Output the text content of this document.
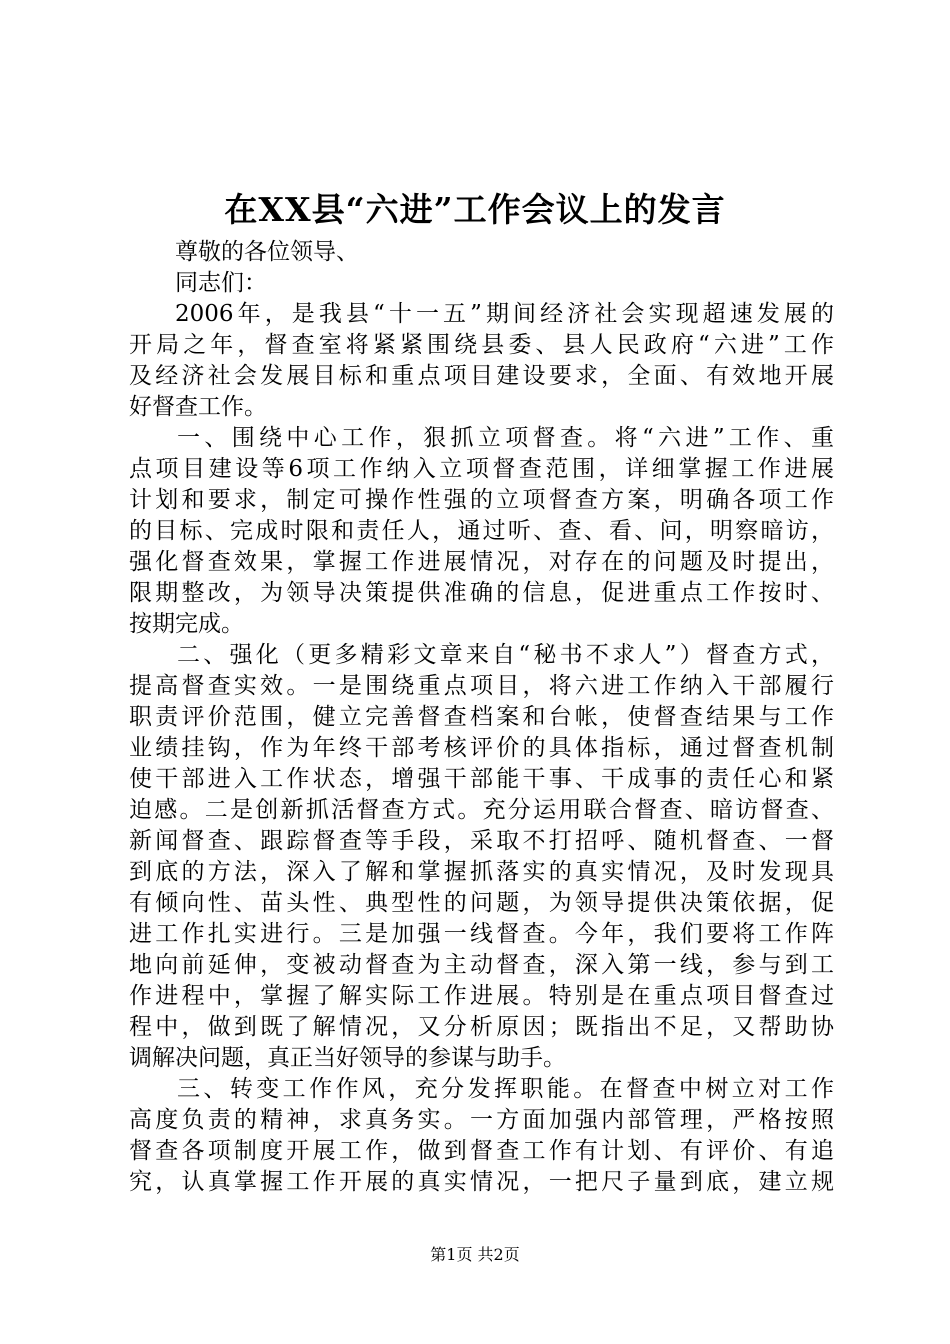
在XX县“六进”工作会议上的发言
尊敬的各位领导、
同志们：
2006年，是我县“十一五”期间经济社会实现超速发展的
开局之年，督查室将紧紧围绕县委、县人民政府“六进”工作
及经济社会发展目标和重点项目建设要求，全面、有效地开展
好督查工作。
一、围绕中心工作，狠抓立项督查。将“六进”工作、重
点项目建设等6项工作纳入立项督查范围，详细掌握工作进展
计划和要求，制定可操作性强的立项督查方案，明确各项工作
的目标、完成时限和责任人，通过听、查、看、问，明察暗访，
强化督查效果，掌握工作进展情况，对存在的问题及时提出，
限期整改，为领导决策提供准确的信息，促进重点工作按时、
按期完成。
二、强化（更多精彩文章来自“秘书不求人”）督查方式，
提高督查实效。一是围绕重点项目，将六进工作纳入干部履行
职责评价范围，健立完善督查档案和台帐，使督查结果与工作
业绩挂钩，作为年终干部考核评价的具体指标，通过督查机制
使干部进入工作状态，增强干部能干事、干成事的责任心和紧
迫感。二是创新抓活督查方式。充分运用联合督查、暗访督查、
新闻督查、跟踪督查等手段，采取不打招呼、随机督查、一督
到底的方法，深入了解和掌握抓落实的真实情况，及时发现具
有倾向性、苗头性、典型性的问题，为领导提供决策依据，促
进工作扎实进行。三是加强一线督查。今年，我们要将工作阵
地向前延伸，变被动督查为主动督查，深入第一线，参与到工
作进程中，掌握了解实际工作进展。特别是在重点项目督查过
程中，做到既了解情况，又分析原因；既指出不足，又帮助协
调解决问题，真正当好领导的参谋与助手。
三、转变工作作风，充分发挥职能。在督查中树立对工作
高度负责的精神，求真务实。一方面加强内部管理，严格按照
督查各项制度开展工作，做到督查工作有计划、有评价、有追
究，认真掌握工作开展的真实情况，一把尺子量到底，建立规
第1页 共2页
